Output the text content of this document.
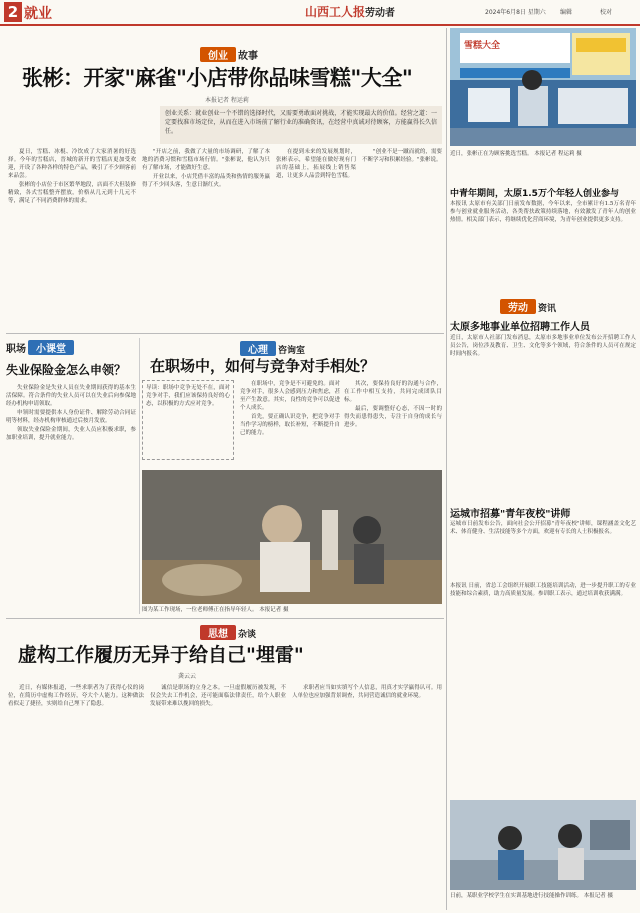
2 就业	山西工人报 劳动者	2024年6月8日 星期六 编辑	校对
创业 故事
张彬：开家"麻雀"小店带你品味雪糕"大全"
本报记者 程运莉
创业关系：就业创业一个不错的选择时代，又需要勇敢面对挑战，才能实现最大的价值。经营之道：一定要找准市场定位，从而在进入市场前了解行业的准确资讯，在经营中真诚对待顾客，方能赢得长久信任。

夏日，雪糕、冰棍、冷饮成了大家消暑的好选择。今年的雪糕店，晋城的新开的雪糕店更加受欢迎，开设了各种各样的特色产品，吸引了不少顾客前来品尝。

张彬的小店位于市区繁华地段，店面不大但装修精致，各式雪糕整齐摆放，价格从几元到十几元不等，满足了不同消费群体的需求。

"开店之前，我做了大量的市场调研，了解了本地的消费习惯和雪糕市场行情。"张彬说，他认为只有了解市场，才能做好生意。

开业以来，小店凭借丰富的品类和热情的服务赢得了不少回头客，生意日渐红火。

在提到未来的发展规划时，张彬表示，希望能在做好现有门店的基础上，拓展线上销售渠道，让更多人品尝到特色雪糕。

"创业不是一蹴而就的，需要不断学习和积累经验。"张彬说。

雪糕大全
近日，张彬正在为顾客挑选雪糕。 本报记者 程运莉 摄
中青年期间，太原1.5万个年轻人创业参与
本报讯 太原市有关部门日前发布数据，今年以来，全市累计有1.5万名青年参与创业就业服务活动，各类帮扶政策持续落地，有效激发了青年人的创业热情。相关部门表示，将继续优化营商环境，为青年创业提供更多支持。
职场 小课堂
失业保险金怎么申领？

失业保险金是失业人员在失业期间获得的基本生活保障。符合条件的失业人员可以在失业后向参保地经办机构申请领取。

申领时需要提供本人身份证件、解除劳动合同证明等材料，经办机构审核通过后按月发放。

领取失业保险金期间，失业人员应积极求职，参加职业培训，提升就业能力。

心理 咨询室
在职场中，如何与竞争对手相处？
导读：职场中竞争无处不在，面对竞争对手，我们应该保持良好的心态，以积极的方式应对竞争。

在职场中，竞争是不可避免的。面对竞争对手，很多人会感到压力和焦虑，甚至产生敌意。其实，良性的竞争可以促进个人成长。

首先，要正确认识竞争，把竞争对手当作学习的榜样，取长补短，不断提升自己的能力。

其次，要保持良好的沟通与合作，在工作中相互支持，共同完成团队目标。

最后，要调整好心态，不因一时的得失而患得患失，专注于自身的成长与进步。

图为某工作现场，一位老师傅正在指导年轻人。 本报记者 摄
思想 杂谈
虚构工作履历无异于给自己"埋雷"
龚云云

近日，有媒体报道，一些求职者为了获得心仪的岗位，在简历中虚构工作经历，夸大个人能力。这种做法看似走了捷径，实则给自己埋下了隐患。

诚信是职场的立身之本。一旦虚假履历被发现，不仅会失去工作机会，还可能面临法律责任，给个人职业发展带来难以挽回的损失。

求职者应当如实填写个人信息，用真才实学赢得认可。用人单位也应加强背景调查，共同营造诚信的就业环境。

劳动 资讯
太原多地事业单位招聘工作人员
近日，太原市人社部门发布消息，太原市多地事业单位发布公开招聘工作人员公告，岗位涉及教育、卫生、文化等多个领域，符合条件的人员可在规定时间内报名。
运城市招募"青年夜校"讲师
运城市日前发布公告，面向社会公开招募"青年夜校"讲师，课程涵盖文化艺术、体育健身、生活技能等多个方面，欢迎有专长的人士积极报名。
本报讯 日前，省总工会组织开展职工技能培训活动，进一步提升职工的专业技能和综合素质，助力高质量发展。参训职工表示，通过培训收获满满。
日前，某职业学校学生在实训基地进行技能操作训练。 本报记者 摄
